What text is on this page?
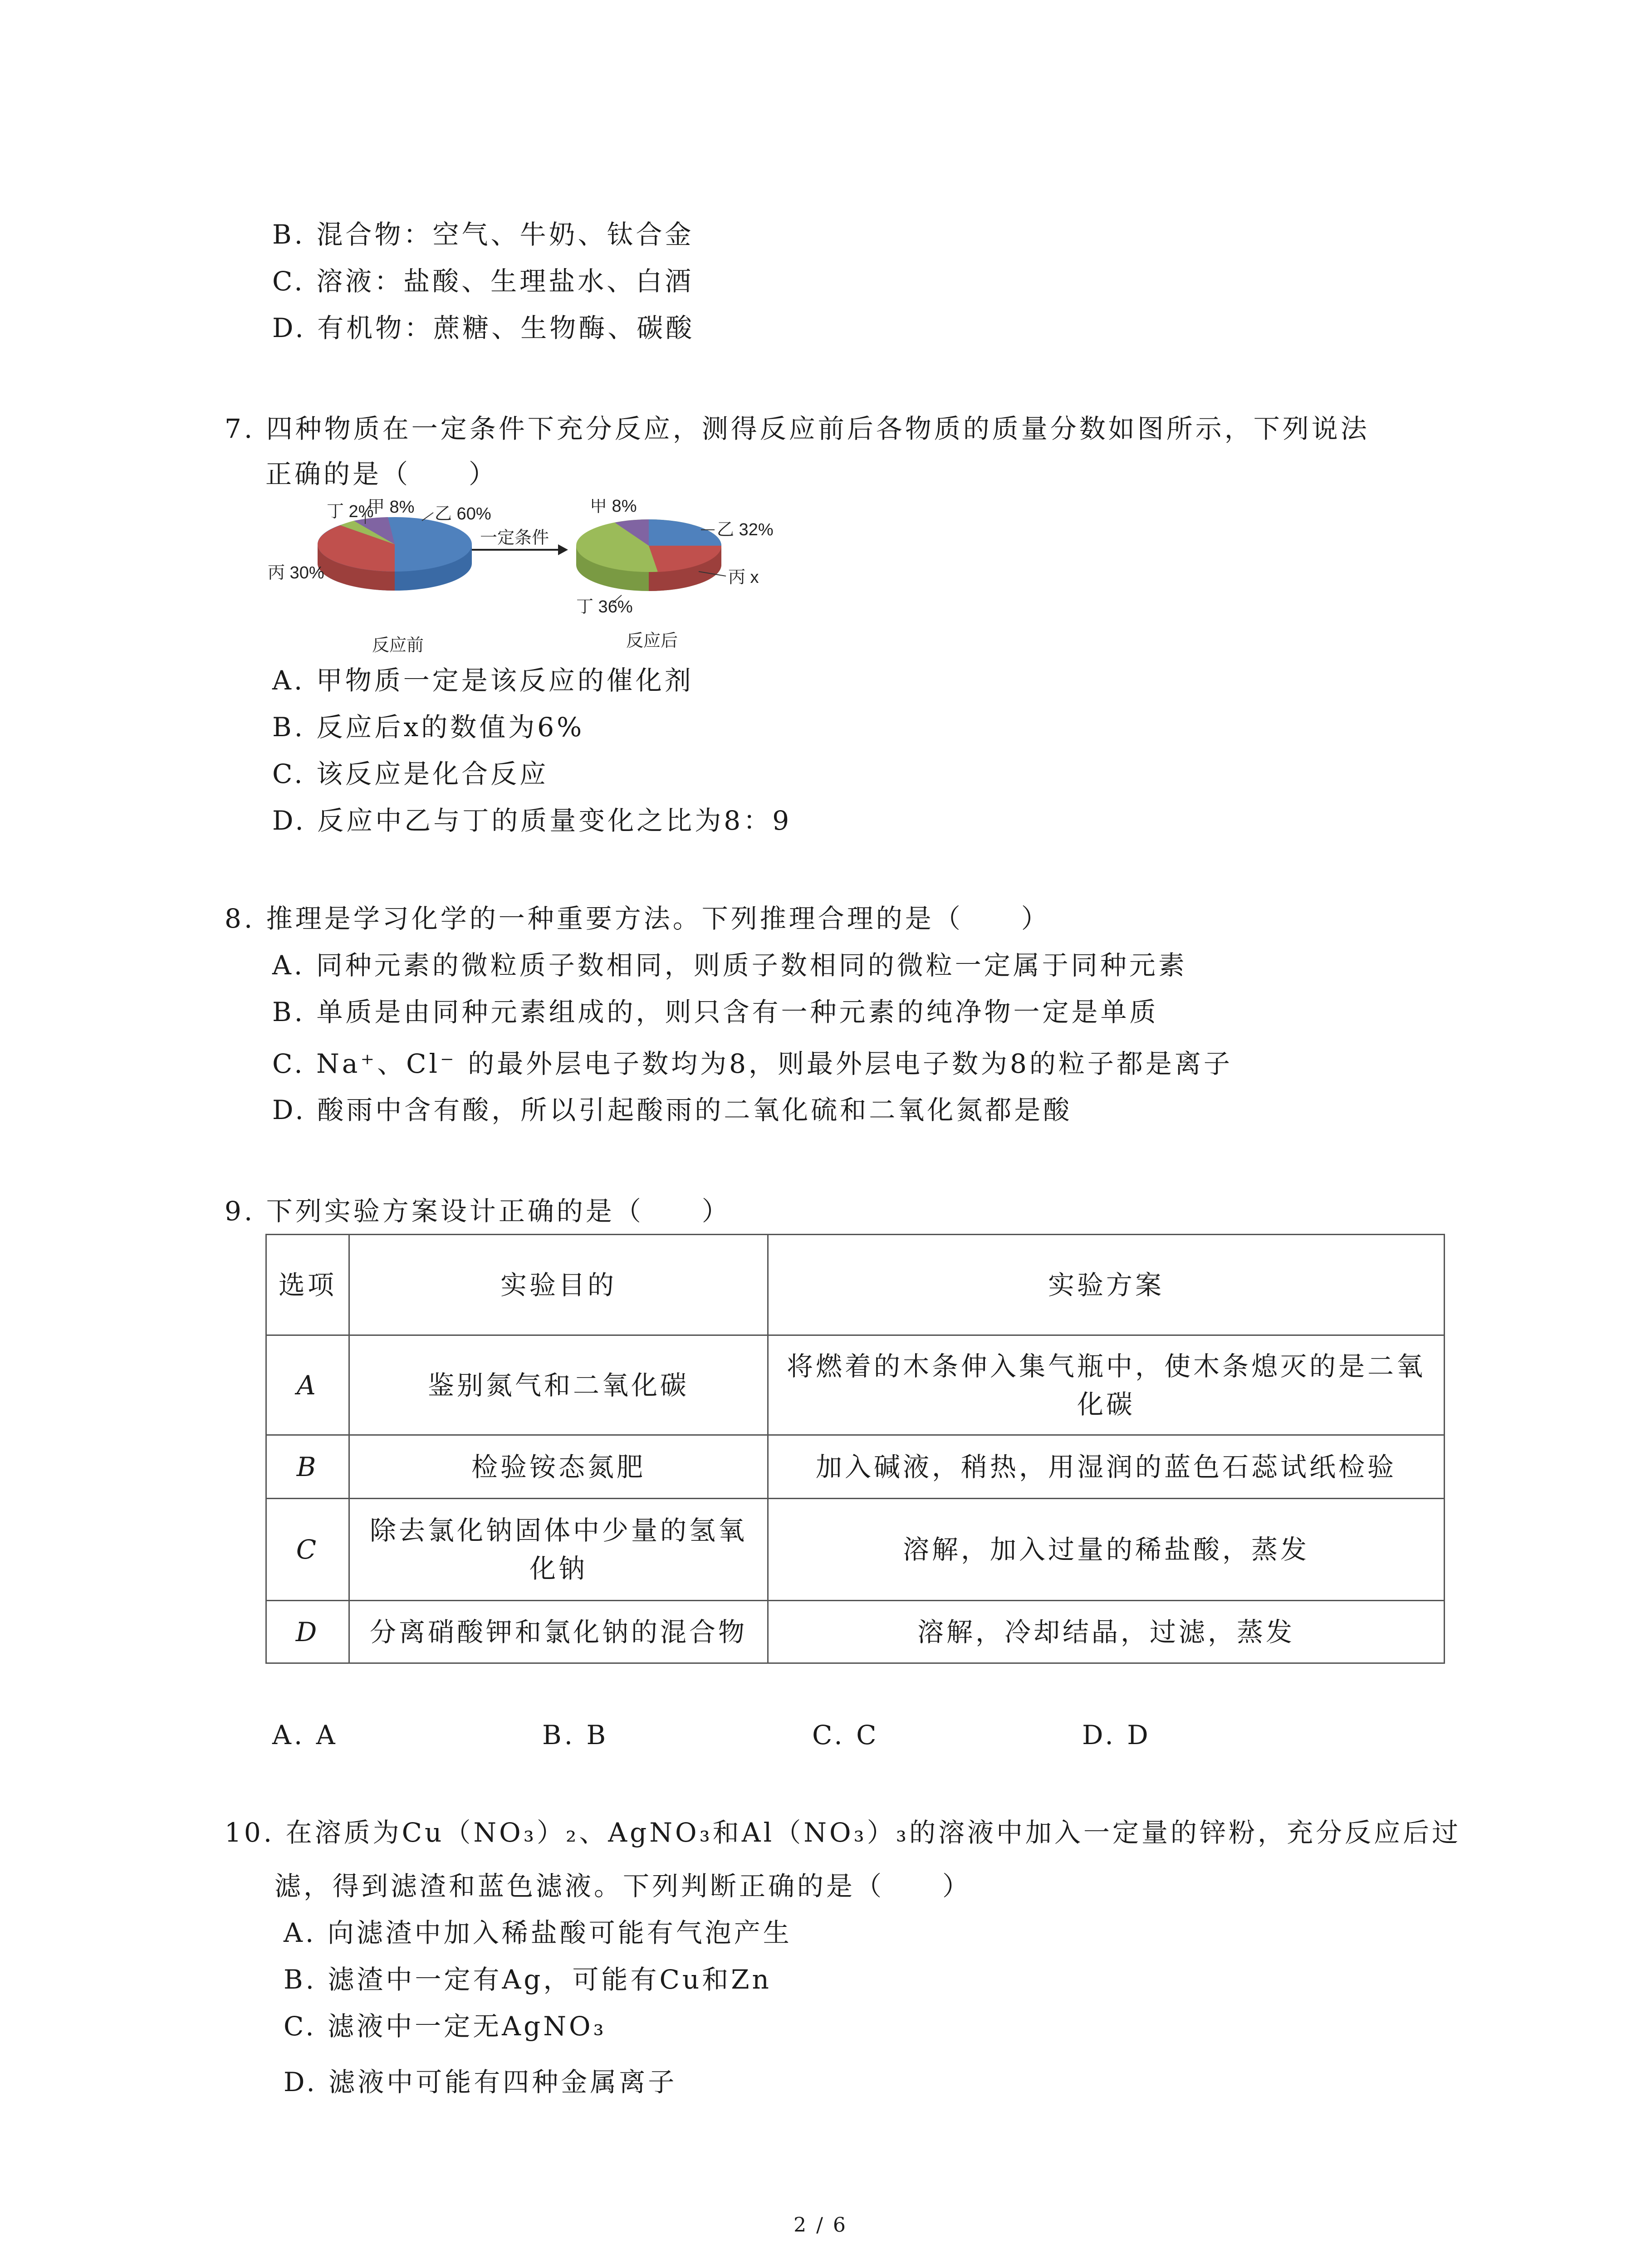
B. 混合物：空气、牛奶、钛合金
C. 溶液：盐酸、生理盐水、白酒
D. 有机物：蔗糖、生物酶、碳酸
7. 四种物质在一定条件下充分反应，测得反应前后各物质的质量分数如图所示，下列说法
正确的是（　　）
丁 2%
甲 8% 乙 60%
丙 30%
反应前
一定条件
甲 8%
乙 32%
丙 x
丁 36%
反应后
A. 甲物质一定是该反应的催化剂
B. 反应后x的数值为6%
C. 该反应是化合反应
D. 反应中乙与丁的质量变化之比为8：9
8. 推理是学习化学的一种重要方法。下列推理合理的是（　　）
A. 同种元素的微粒质子数相同，则质子数相同的微粒一定属于同种元素
B. 单质是由同种元素组成的，则只含有一种元素的纯净物一定是单质
C. Na⁺、Cl⁻ 的最外层电子数均为8，则最外层电子数为8的粒子都是离子
D. 酸雨中含有酸，所以引起酸雨的二氧化硫和二氧化氮都是酸
9. 下列实验方案设计正确的是（　　）
选项	实验目的	实验方案
A	鉴别氮气和二氧化碳	将燃着的木条伸入集气瓶中，使木条熄灭的是二氧化碳
B	检验铵态氮肥	加入碱液，稍热，用湿润的蓝色石蕊试纸检验
C	除去氯化钠固体中少量的氢氧化钠	溶解，加入过量的稀盐酸，蒸发
D	分离硝酸钾和氯化钠的混合物	溶解，冷却结晶，过滤，蒸发
A. A	B. B	C. C	D. D
10. 在溶质为Cu（NO₃）₂、AgNO₃和Al（NO₃）₃的溶液中加入一定量的锌粉，充分反应后过
滤，得到滤渣和蓝色滤液。下列判断正确的是（　　）
A. 向滤渣中加入稀盐酸可能有气泡产生
B. 滤渣中一定有Ag，可能有Cu和Zn
C. 滤液中一定无AgNO₃
D. 滤液中可能有四种金属离子
2 / 6
